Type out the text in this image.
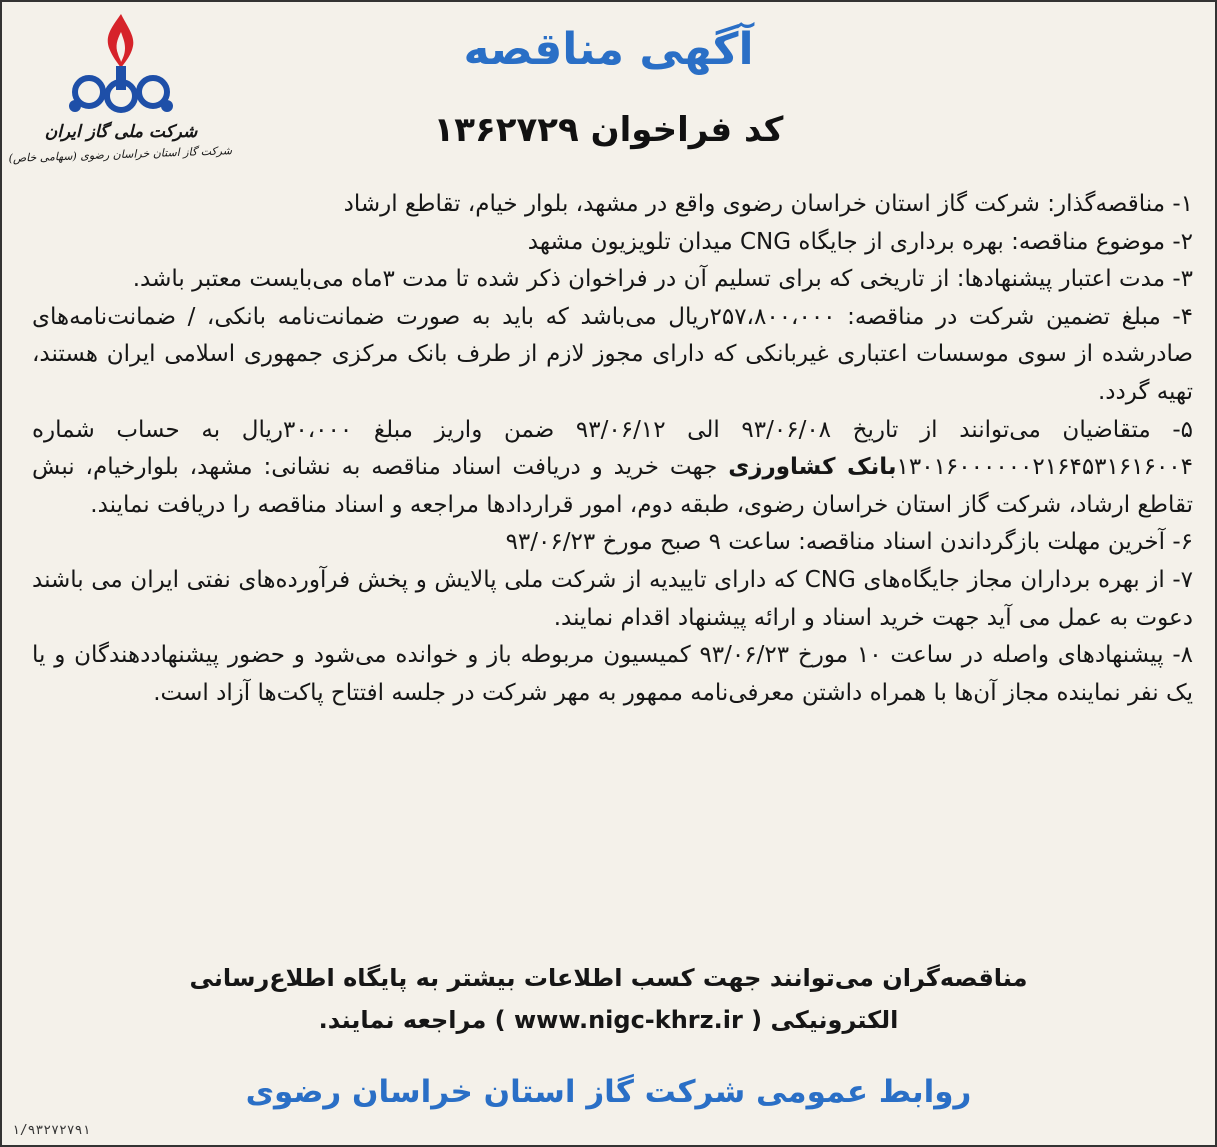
شرکت ملی گاز ایران
شرکت گاز استان خراسان رضوی (سهامی خاص)
آگهی مناقصه
کد فراخوان ۱۳۶۲۷۲۹

۱- مناقصه‌گذار: شرکت گاز استان خراسان رضوی واقع در مشهد، بلوار خیام، تقاطع ارشاد

۲- موضوع مناقصه: بهره برداری از جایگاه CNG میدان تلویزیون مشهد

۳- مدت اعتبار پیشنهادها: از تاریخی که برای تسلیم آن در فراخوان ذکر شده تا مدت ۳ماه می‌بایست معتبر باشد.

۴- مبلغ تضمین شرکت در مناقصه: ۲۵۷،۸۰۰،۰۰۰ریال می‌باشد که باید به صورت ضمانت‌نامه بانکی، / ضمانت‌نامه‌های صادرشده از سوی موسسات اعتباری غیربانکی که دارای مجوز لازم از طرف بانک مرکزی جمهوری اسلامی ایران هستند، تهیه گردد.

۵- متقاضیان می‌توانند از تاریخ ۹۳/۰۶/۰۸ الی ۹۳/۰۶/۱۲ ضمن واریز مبلغ ۳۰،۰۰۰ریال به حساب شماره ۱۳۰۱۶۰۰۰۰۰۰۲۱۶۴۵۳۱۶۱۶۰۰۴بانک کشاورزی جهت خرید و دریافت اسناد مناقصه به نشانی: مشهد، بلوارخیام، نبش تقاطع ارشاد، شرکت گاز استان خراسان رضوی، طبقه دوم، امور قراردادها مراجعه و اسناد مناقصه را دریافت نمایند.

۶- آخرین مهلت بازگرداندن اسناد مناقصه: ساعت ۹ صبح مورخ ۹۳/۰۶/۲۳

۷- از بهره برداران مجاز جایگاه‌های CNG که دارای تاییدیه از شرکت ملی پالایش و پخش فرآورده‌های نفتی ایران می باشند دعوت به عمل می آید جهت خرید اسناد و ارائه پیشنهاد اقدام نمایند.

۸- پیشنهادهای واصله در ساعت ۱۰ مورخ ۹۳/۰۶/۲۳ کمیسیون مربوطه باز و خوانده می‌شود و حضور پیشنهاددهندگان و یا یک نفر نماینده مجاز آن‌ها با همراه داشتن معرفی‌نامه ممهور به مهر شرکت در جلسه افتتاح پاکت‌ها آزاد است.

مناقصه‌گران می‌توانند جهت کسب اطلاعات بیشتر به پایگاه اطلاع‌رسانی الکترونیکی ( www.nigc-khrz.ir ) مراجعه نمایند.
روابط عمومی شرکت گاز استان خراسان رضوی
۱/۹۳۲۷۲۷۹۱
